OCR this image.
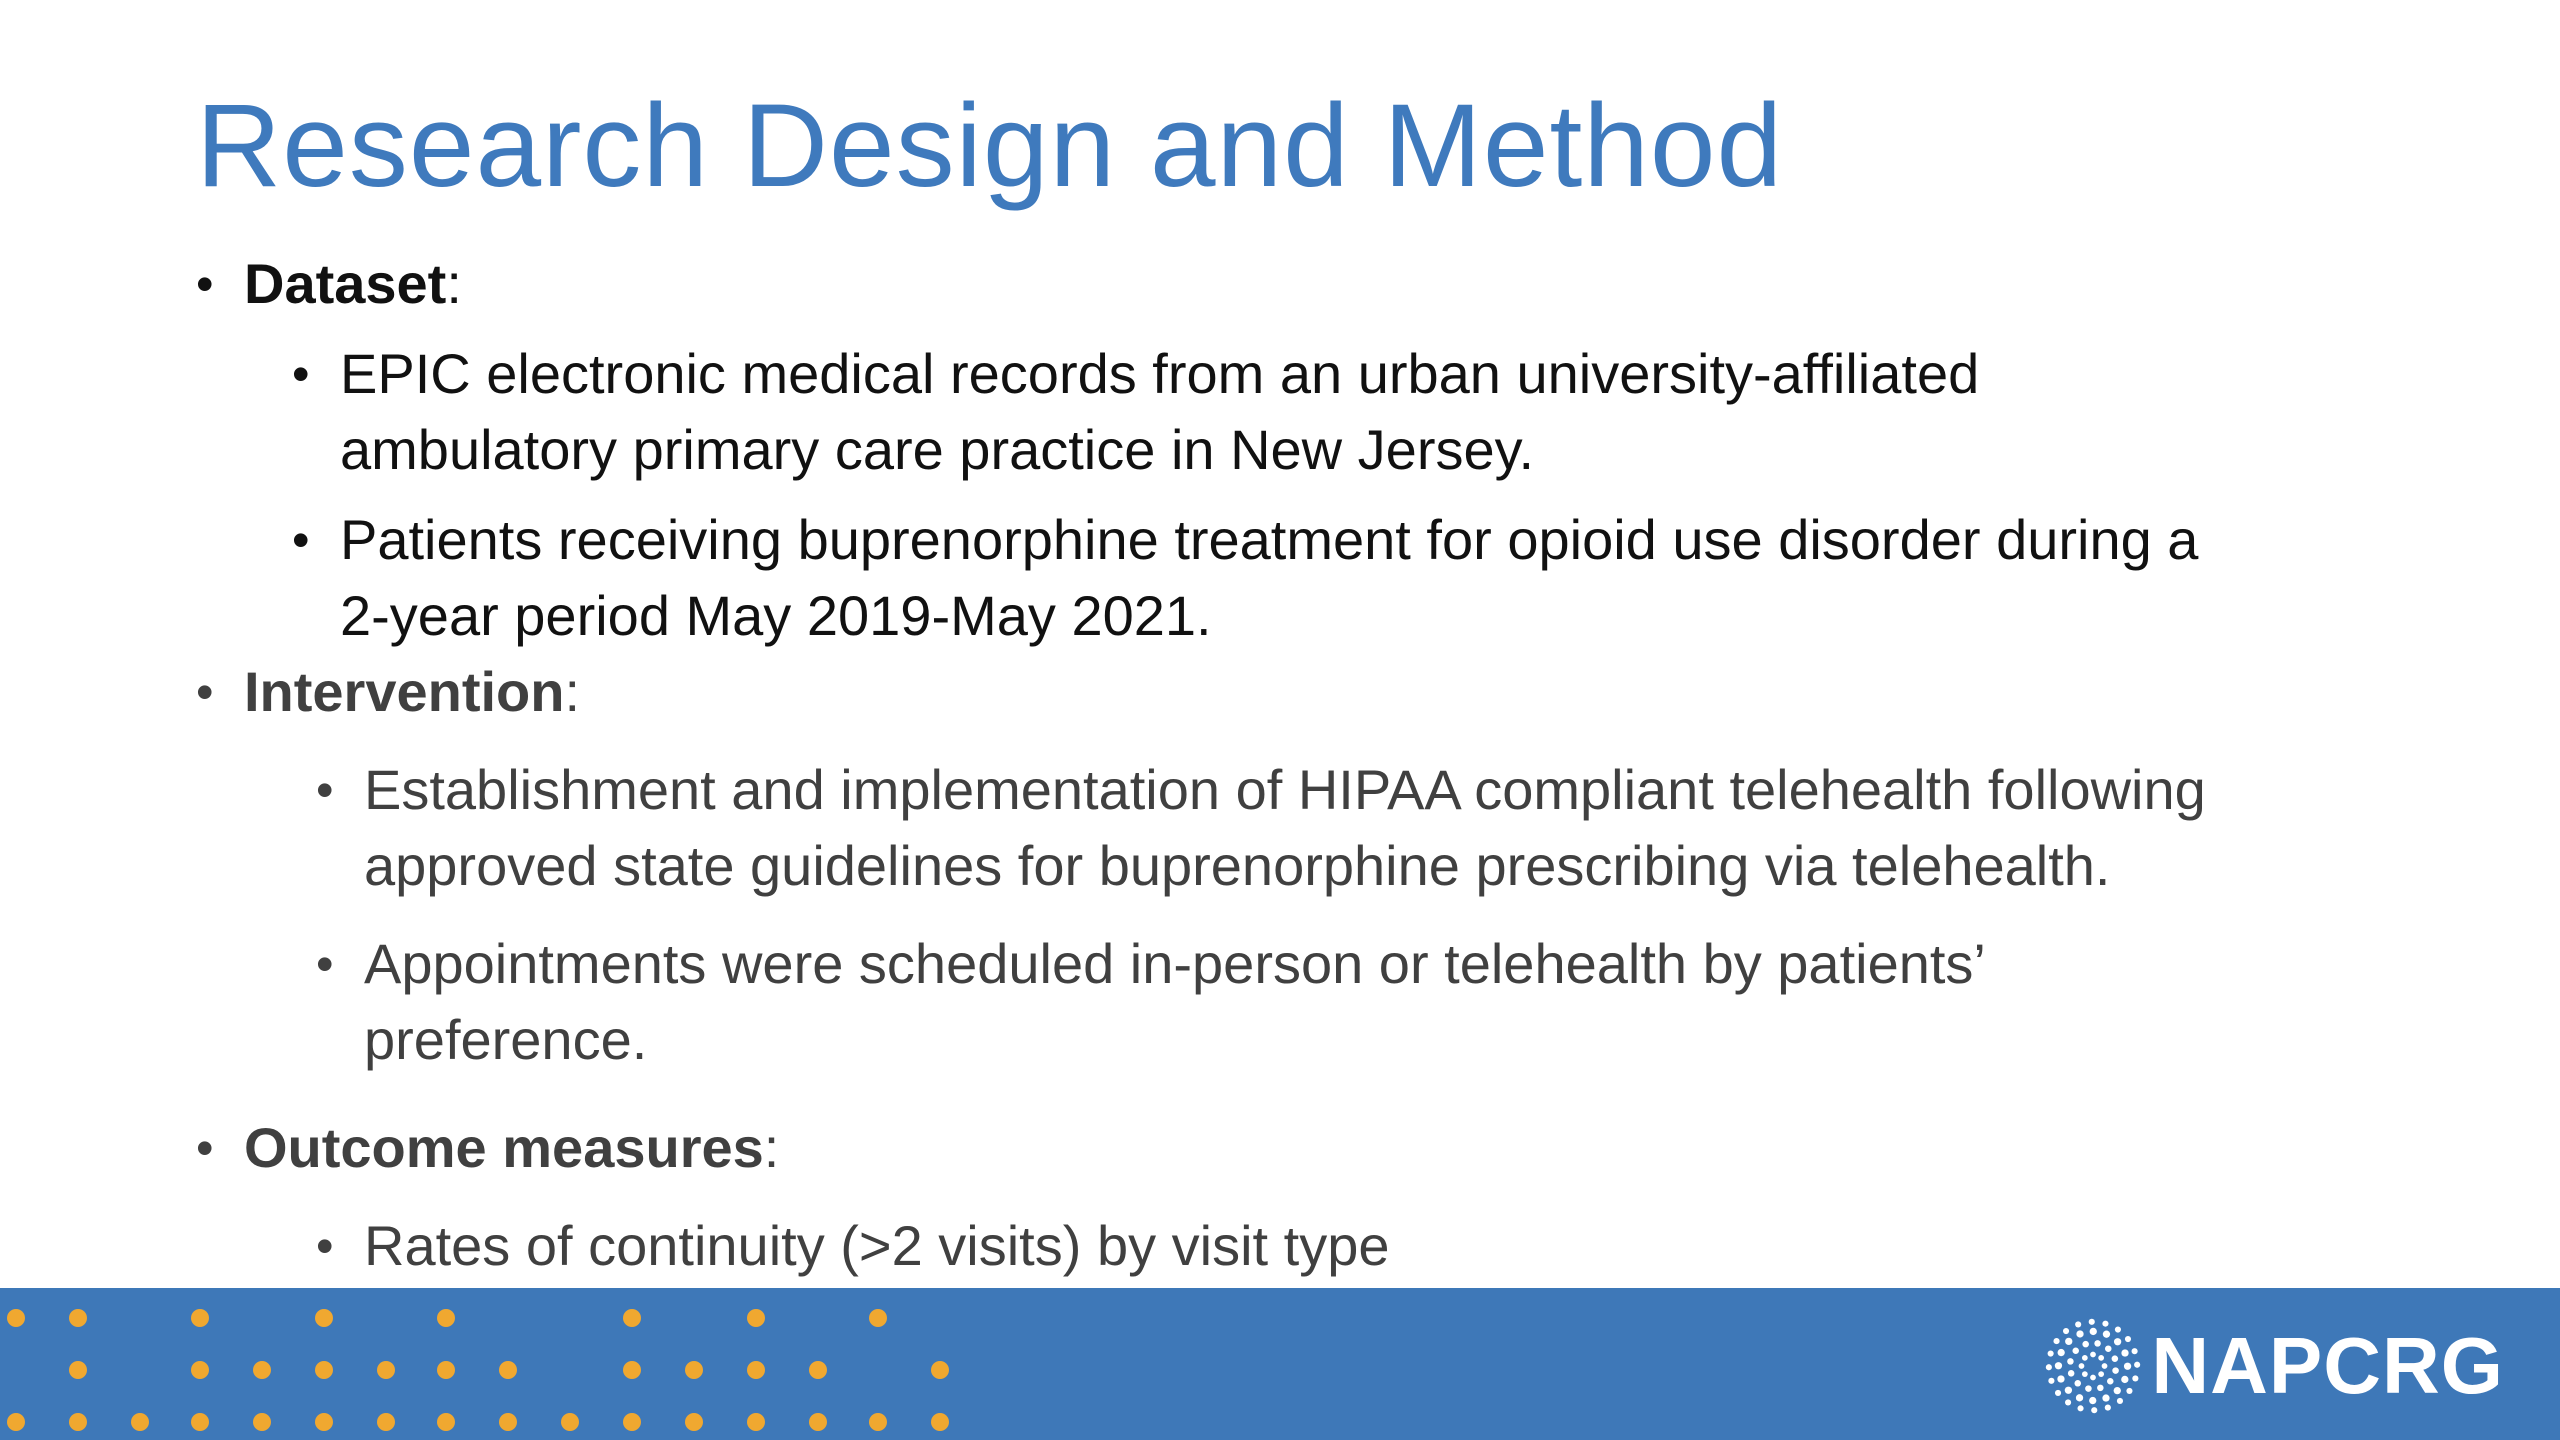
Research Design and Method
• Dataset:
• EPIC electronic medical records from an urban university-affiliated
ambulatory primary care practice in New Jersey.
• Patients receiving buprenorphine treatment for opioid use disorder during a
2-year period May 2019-May 2021.
• Intervention:
• Establishment and implementation of HIPAA compliant telehealth following
approved state guidelines for buprenorphine prescribing via telehealth.
• Appointments were scheduled in-person or telehealth by patients’
preference.
• Outcome measures:
• Rates of continuity (>2 visits) by visit type
NAPCRG
